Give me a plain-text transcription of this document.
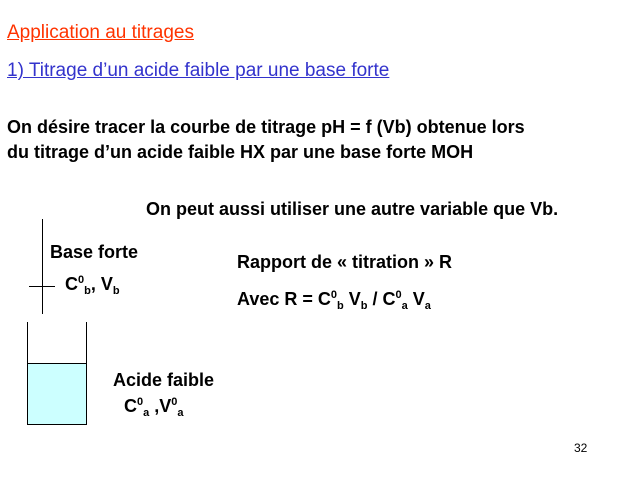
Application au titrages
1) Titrage d’un acide faible par une base forte
On désire tracer la courbe de titrage pH = f (Vb) obtenue lors
du titrage d’un acide faible HX par une base forte MOH
On peut aussi utiliser une autre variable que Vb.
Base forte
$C^0_b$, $V_b$
Acide faible
$C^0_a$ $,V^0_a$
Rapport de « titration » R
Avec $R = C^0_b$ $V_b / C^0_a$ $V_a$
32
